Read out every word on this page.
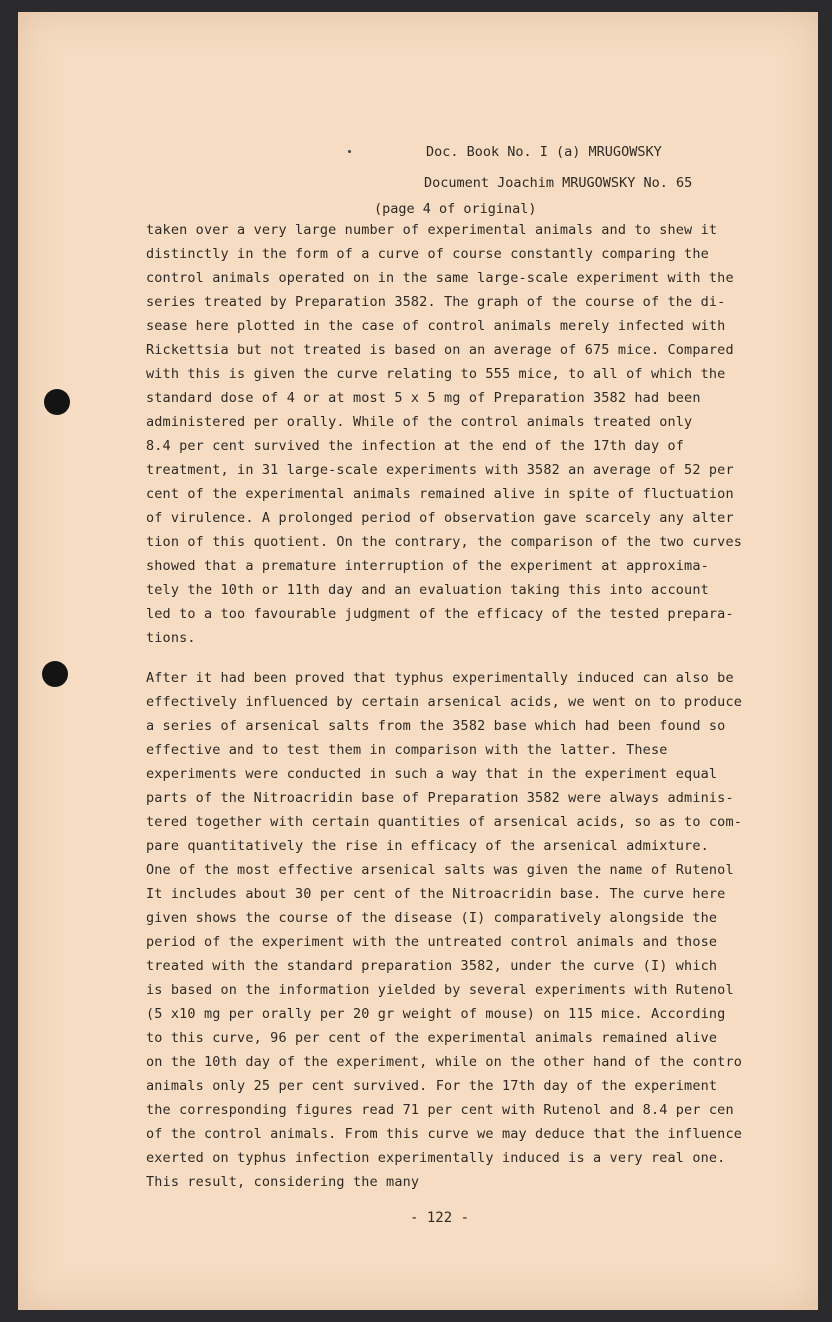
Doc. Book No. I (a) MRUGOWSKY
Document Joachim MRUGOWSKY No. 65
(page 4 of original)
taken over a very large number of experimental animals and to shew it
distinctly in the form of a curve of course constantly comparing the
control animals operated on in the same large-scale experiment with the
series treated by Preparation 3582. The graph of the course of the di-
sease here plotted in the case of control animals merely infected with
Rickettsia but not treated is based on an average of 675 mice. Compared
with this is given the curve relating to 555 mice, to all of which the
standard dose of 4 or at most 5 x 5 mg of Preparation 3582 had been
administered per orally. While of the control animals treated only
8.4 per cent survived the infection at the end of the 17th day of
treatment, in 31 large-scale experiments with 3582 an average of 52 per
cent of the experimental animals remained alive in spite of fluctuation
of virulence. A prolonged period of observation gave scarcely any alter
tion of this quotient. On the contrary, the comparison of the two curves
showed that a premature interruption of the experiment at approxima-
tely the 10th or 11th day and an evaluation taking this into account
led to a too favourable judgment of the efficacy of the tested prepara-
tions.
After it had been proved that typhus experimentally induced can also be
effectively influenced by certain arsenical acids, we went on to produce
a series of arsenical salts from the 3582 base which had been found so
effective and to test them in comparison with the latter. These
experiments were conducted in such a way that in the experiment equal
parts of the Nitroacridin base of Preparation 3582 were always adminis-
tered together with certain quantities of arsenical acids, so as to com-
pare quantitatively the rise in efficacy of the arsenical admixture.
One of the most effective arsenical salts was given the name of Rutenol
It includes about 30 per cent of the Nitroacridin base. The curve here
given shows the course of the disease (I) comparatively alongside the
period of the experiment with the untreated control animals and those
treated with the standard preparation 3582, under the curve (I) which
is based on the information yielded by several experiments with Rutenol
(5 x10 mg per orally per 20 gr weight of mouse) on 115 mice. According
to this curve, 96 per cent of the experimental animals remained alive
on the 10th day of the experiment, while on the other hand of the contro
animals only 25 per cent survived. For the 17th day of the experiment
the corresponding figures read 71 per cent with Rutenol and 8.4 per cen
of the control animals. From this curve we may deduce that the influence
exerted on typhus infection experimentally induced is a very real one.
This result, considering the many
- 122 -
